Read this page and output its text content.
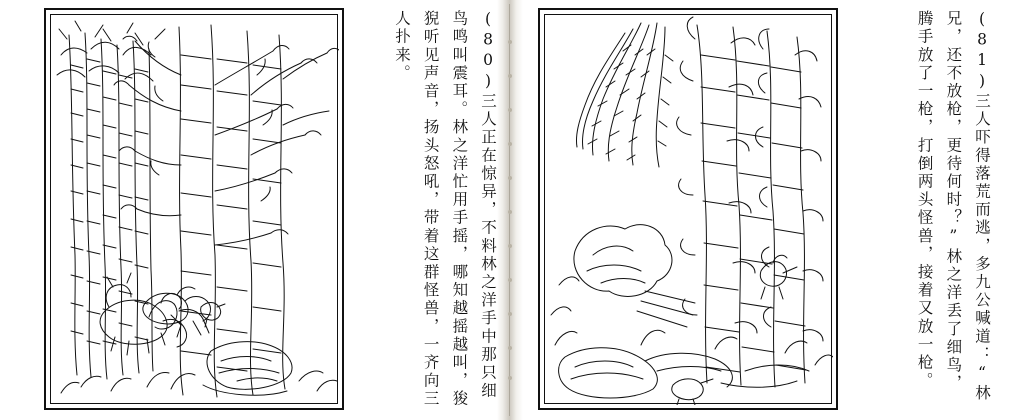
(80)三人正在惊异，不料林之洋手中那只细鸟鸣叫震耳。林之洋忙用手摇，哪知越摇越叫，狻猊听见声音，扬头怒吼，带着这群怪兽，一齐向三人扑来。	(81)三人吓得落荒而逃，多九公喊道：“林兄，还不放枪，更待何时？”林之洋丢了细鸟，腾手放了一枪，打倒两头怪兽，接着又放一枪。
